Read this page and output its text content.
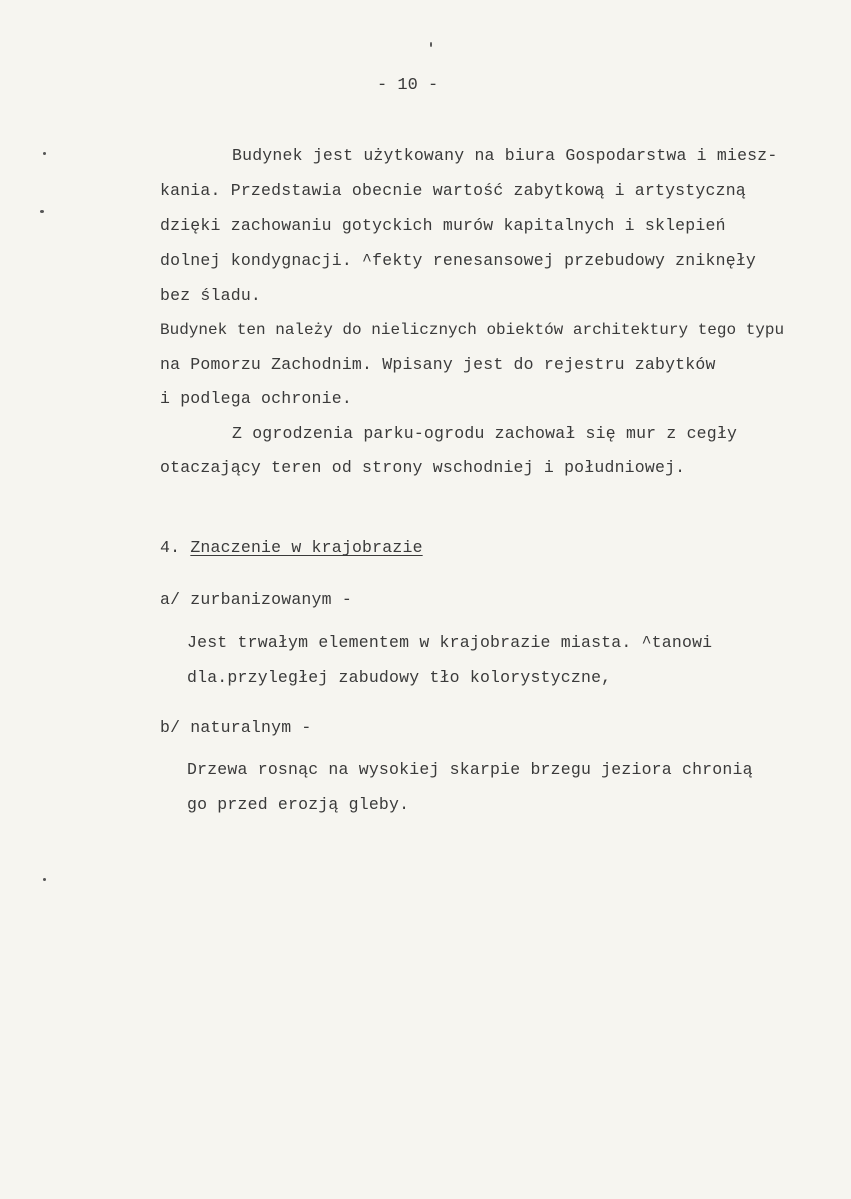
- 10 -
Budynek jest użytkowany na biura Gospodarstwa i miesz-
kania. Przedstawia obecnie wartość zabytkową i artystyczną
dzięki zachowaniu gotyckich murów kapitalnych i sklepień
dolnej kondygnacji. ^fekty renesansowej przebudowy zniknęły
bez śladu.
Budynek ten należy do nielicznych obiektów architektury tego typu
na Pomorzu Zachodnim. Wpisany jest do rejestru zabytków
i podlega ochronie.
Z ogrodzenia parku-ogrodu zachował się mur z cegły
otaczający teren od strony wschodniej i południowej.
4. Znaczenie w krajobrazie
a/ zurbanizowanym -
Jest trwałym elementem w krajobrazie miasta. ^tanowi
dla.przyległej zabudowy tło kolorystyczne,
b/ naturalnym -
Drzewa rosnąc na wysokiej skarpie brzegu jeziora chronią
go przed erozją gleby.
